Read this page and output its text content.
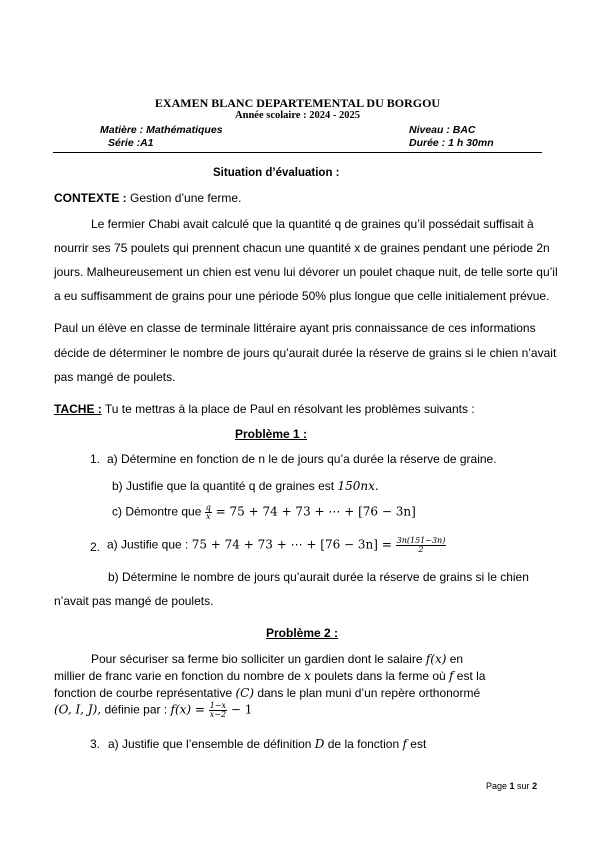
EXAMEN BLANC DEPARTEMENTAL DU BORGOU
Année scolaire : 2024 - 2025
Matière : Mathématiques	Niveau : BAC
Série :A1	Durée : 1 h 30mn
Situation d’évaluation :
CONTEXTE : Gestion d’une ferme.
Le fermier Chabi avait calculé que la quantité q de graines qu’il possédait suffisait à
nourrir ses 75 poulets qui prennent chacun une quantité x de graines pendant une période 2n
jours. Malheureusement un chien est venu lui dévorer un poulet chaque nuit, de telle sorte qu’il
a eu suffisamment de grains pour une période 50% plus longue que celle initialement prévue.
Paul un élève en classe de terminale littéraire ayant pris connaissance de ces informations
décide de déterminer le nombre de jours qu’aurait durée la réserve de grains si le chien n’avait
pas mangé de poulets.
TACHE : Tu te mettras à la place de Paul en résolvant les problèmes suivants :
Problème 1 :
1. a) Détermine en fonction de n le de jours qu’a durée la réserve de graine.
b) Justifie que la quantité q de graines est 150nx.
c) Démontre que $\frac{q}{x} = 75 + 74 + 73$ + ⋯ + [76 − 3n]
2. a) Justifie que : 75 + 74 + 73 + ⋯ + $[76 - 3n] = \frac{3n(151-3n)}{2}$
b) Détermine le nombre de jours qu’aurait durée la réserve de grains si le chien
n’avait pas mangé de poulets.
Problème 2 :
Pour sécuriser sa ferme bio solliciter un gardien dont le salaire f(x) en
millier de franc varie en fonction du nombre de x poulets dans la ferme où f est la
fonction de courbe représentative (C) dans le plan muni d’un repère orthonormé
(O, I, J), définie par : $f(x) = \frac{1-x}{x-2} - 1$
3. a) Justifie que l’ensemble de définition D de la fonction f est
Page 1 sur 2
